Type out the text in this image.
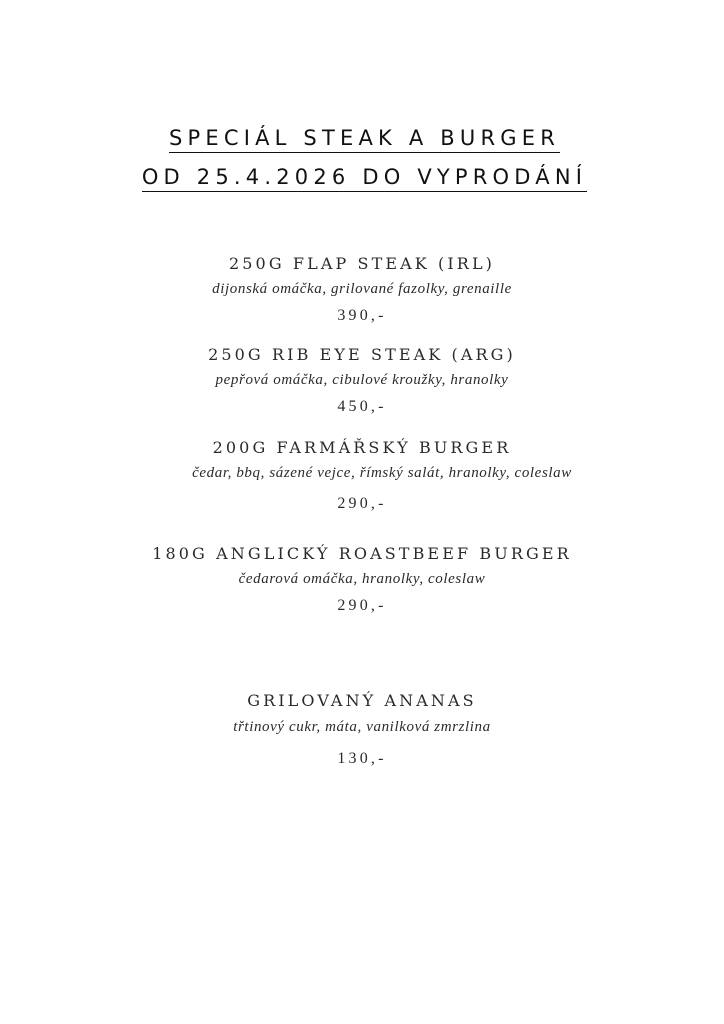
SPECIÁL STEAK A BURGER
OD 25.4.2026 DO VYPRODÁNÍ
250G FLAP STEAK (IRL)
dijonská omáčka, grilované fazolky, grenaille
390,-
250G RIB EYE STEAK (ARG)
pepřová omáčka, cibulové kroužky, hranolky
450,-
200G FARMÁŘSKÝ BURGER
čedar, bbq, sázené vejce, římský salát, hranolky, coleslaw
290,-
180G ANGLICKÝ ROASTBEEF BURGER
čedarová omáčka, hranolky, coleslaw
290,-
GRILOVANÝ ANANAS
třtinový cukr, máta, vanilková zmrzlina
130,-
